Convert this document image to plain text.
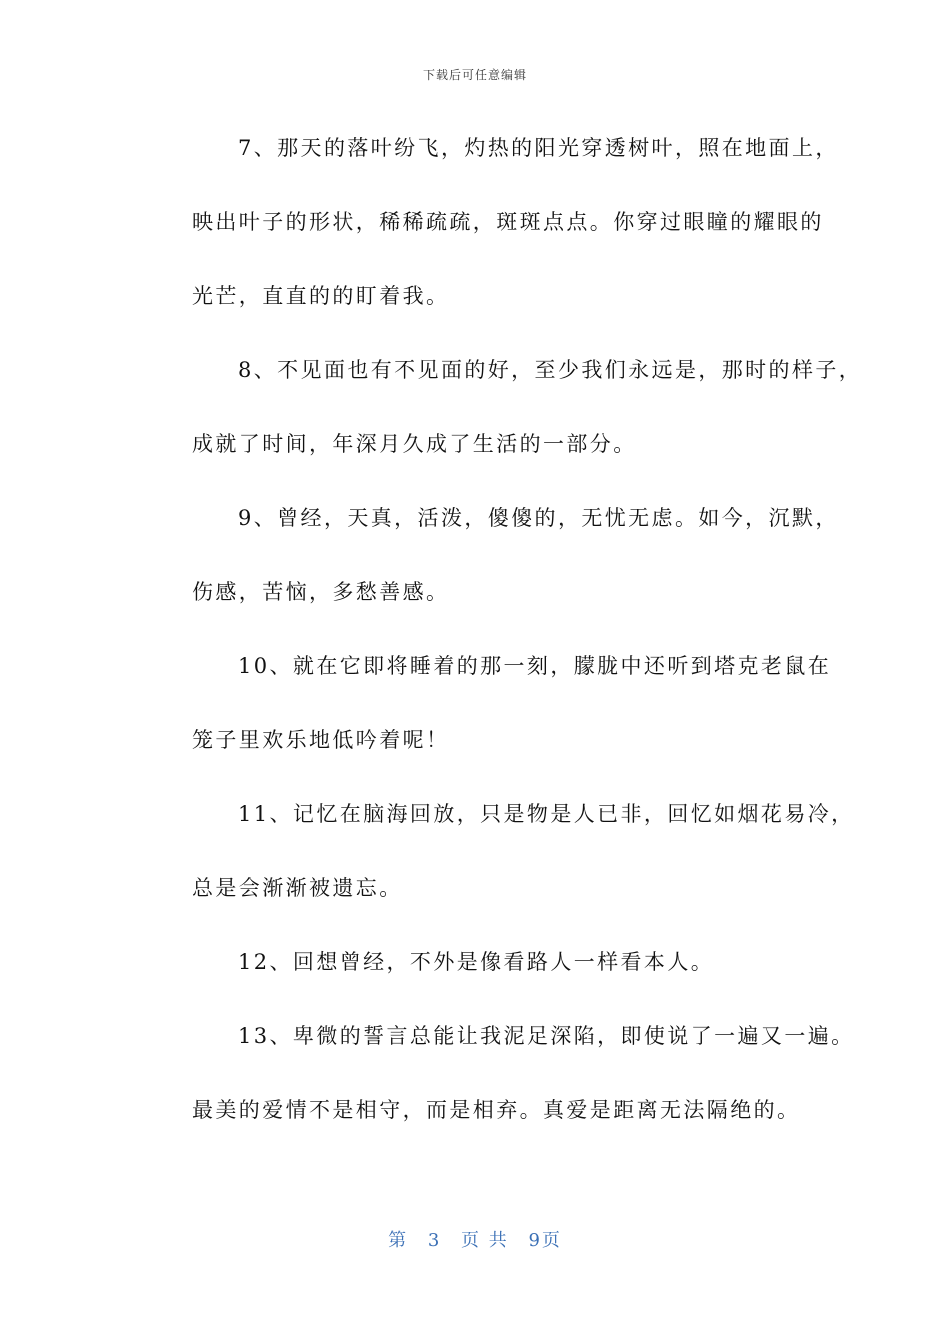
下载后可任意编辑
7、那天的落叶纷飞，灼热的阳光穿透树叶，照在地面上，
映出叶子的形状，稀稀疏疏，斑斑点点。你穿过眼瞳的耀眼的
光芒，直直的的盯着我。
8、不见面也有不见面的好，至少我们永远是，那时的样子，
成就了时间，年深月久成了生活的一部分。
9、曾经，天真，活泼，傻傻的，无忧无虑。如今，沉默，
伤感，苦恼，多愁善感。
10、就在它即将睡着的那一刻，朦胧中还听到塔克老鼠在
笼子里欢乐地低吟着呢！
11、记忆在脑海回放，只是物是人已非，回忆如烟花易冷，
总是会渐渐被遗忘。
12、回想曾经，不外是像看路人一样看本人。
13、卑微的誓言总能让我泥足深陷，即使说了一遍又一遍。
最美的爱情不是相守，而是相弃。真爱是距离无法隔绝的。
第 3 页 共 9页
